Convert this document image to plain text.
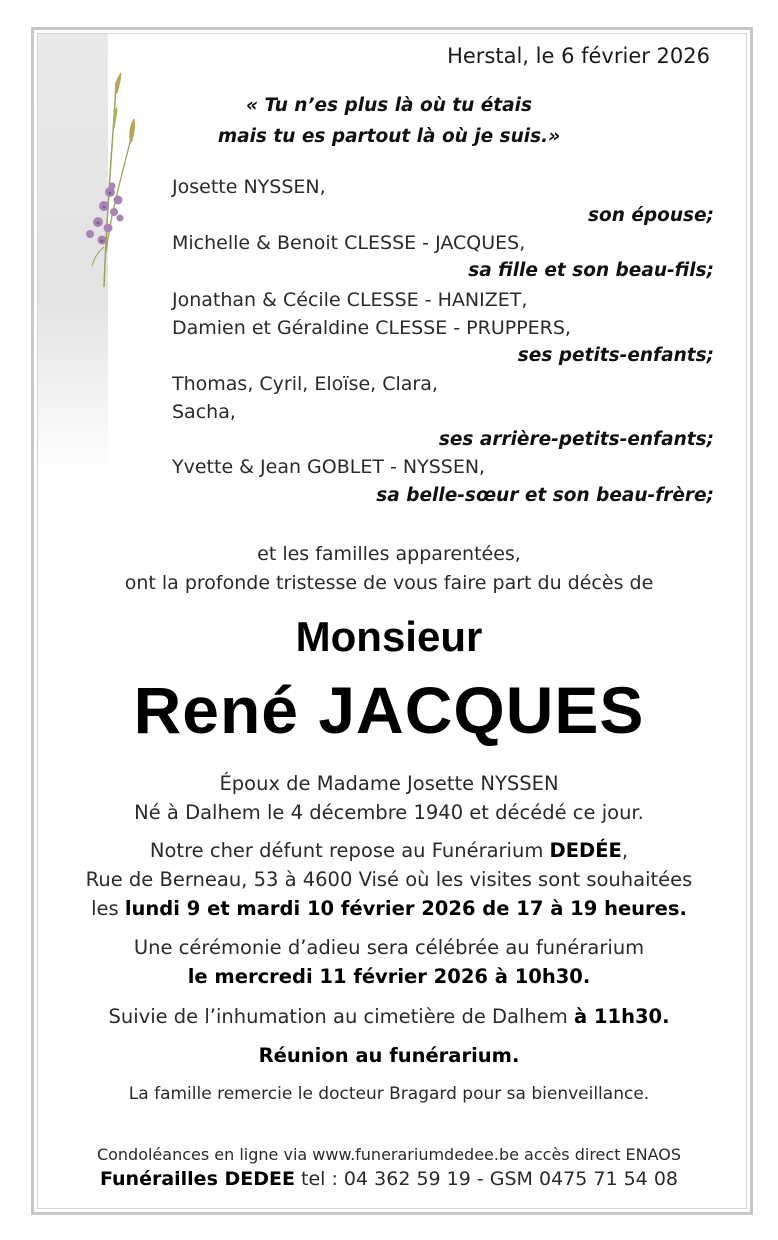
Herstal, le 6 février 2026
« Tu n’es plus là où tu étais
mais tu es partout là où je suis.»
Josette NYSSEN,
son épouse;
Michelle & Benoit CLESSE - JACQUES,
sa fille et son beau-fils;
Jonathan & Cécile CLESSE - HANIZET,
Damien et Géraldine CLESSE - PRUPPERS,
ses petits-enfants;
Thomas, Cyril, Eloïse, Clara,
Sacha,
ses arrière-petits-enfants;
Yvette & Jean GOBLET - NYSSEN,
sa belle-sœur et son beau-frère;
et les familles apparentées,
ont la profonde tristesse de vous faire part du décès de
Monsieur
René JACQUES
Époux de Madame Josette NYSSEN
Né à Dalhem le 4 décembre 1940 et décédé ce jour.
Notre cher défunt repose au Funérarium DEDÉE,
Rue de Berneau, 53 à 4600 Visé où les visites sont souhaitées
les lundi 9 et mardi 10 février 2026 de 17 à 19 heures.
Une cérémonie d’adieu sera célébrée au funérarium
le mercredi 11 février 2026 à 10h30.
Suivie de l’inhumation au cimetière de Dalhem à 11h30.
Réunion au funérarium.
La famille remercie le docteur Bragard pour sa bienveillance.
Condoléances en ligne via www.funerariumdedee.be accès direct ENAOS
Funérailles DEDEE tel : 04 362 59 19 - GSM 0475 71 54 08
